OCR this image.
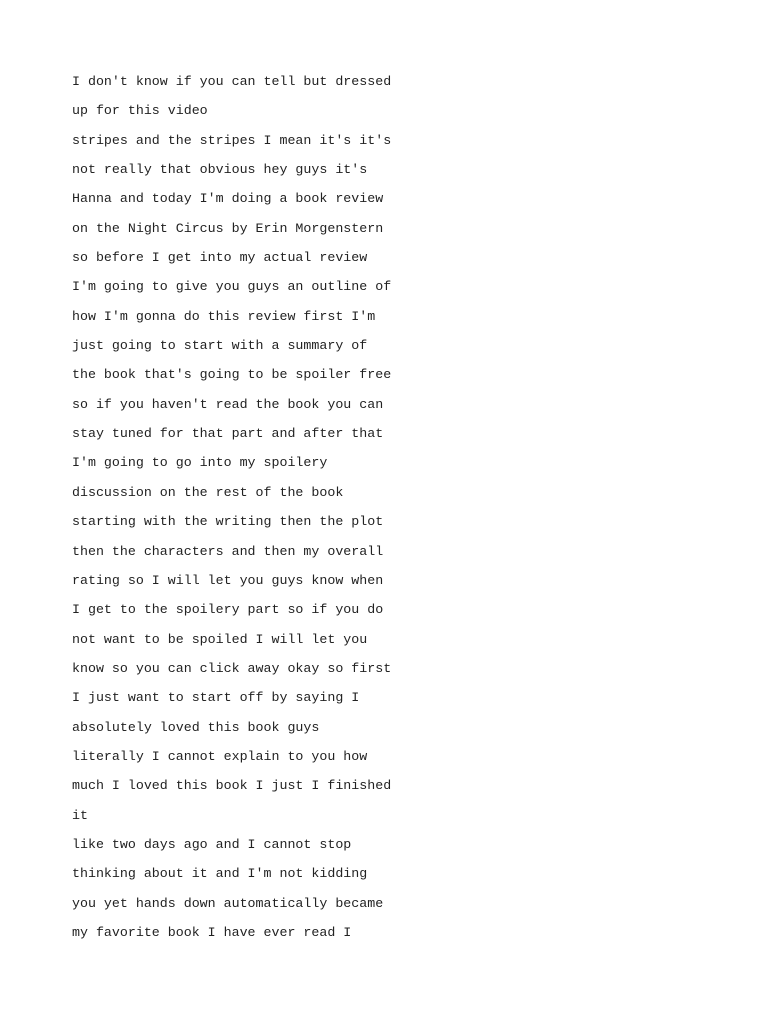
I don't know if you can tell but dressed
up for this video
stripes and the stripes I mean it's it's
not really that obvious hey guys it's
Hanna and today I'm doing a book review
on the Night Circus by Erin Morgenstern
so before I get into my actual review
I'm going to give you guys an outline of
how I'm gonna do this review first I'm
just going to start with a summary of
the book that's going to be spoiler free
so if you haven't read the book you can
stay tuned for that part and after that
I'm going to go into my spoilery
discussion on the rest of the book
starting with the writing then the plot
then the characters and then my overall
rating so I will let you guys know when
I get to the spoilery part so if you do
not want to be spoiled I will let you
know so you can click away okay so first
I just want to start off by saying I
absolutely loved this book guys
literally I cannot explain to you how
much I loved this book I just I finished
it
like two days ago and I cannot stop
thinking about it and I'm not kidding
you yet hands down automatically became
my favorite book I have ever read I
